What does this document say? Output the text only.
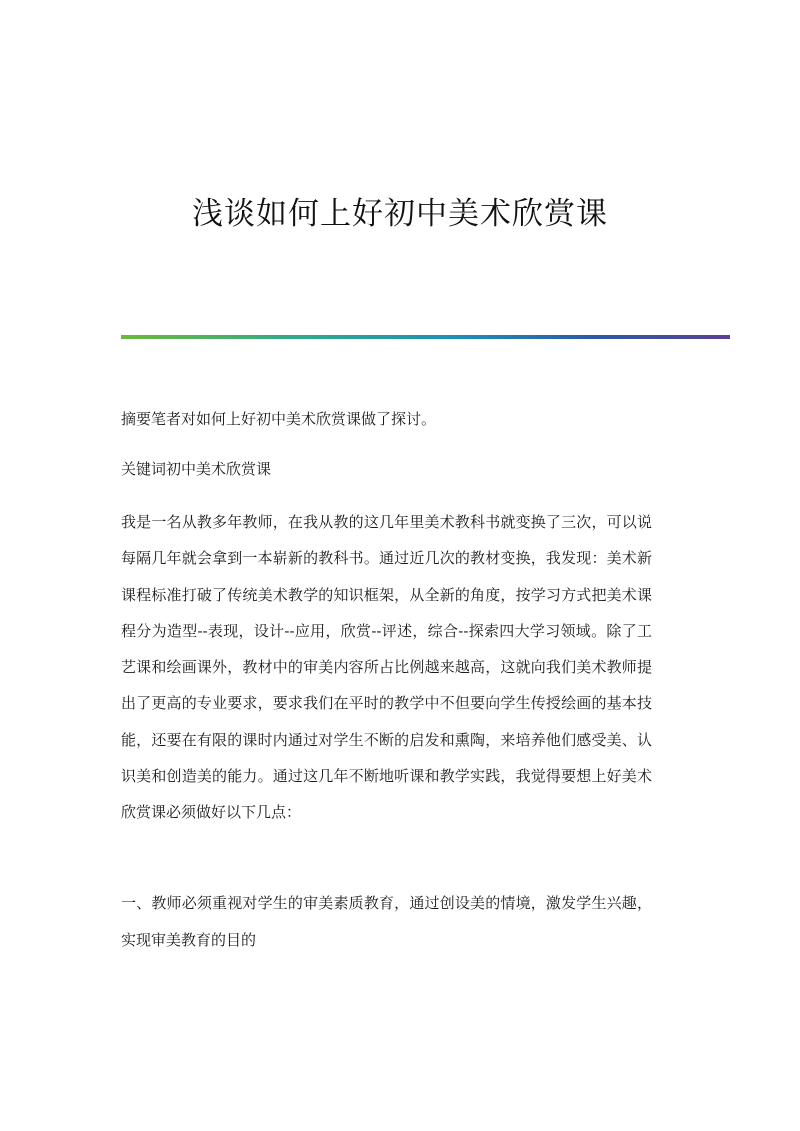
浅谈如何上好初中美术欣赏课

摘要笔者对如何上好初中美术欣赏课做了探讨。

关键词初中美术欣赏课

我是一名从教多年教师，在我从教的这几年里美术教科书就变换了三次，可以说每隔几年就会拿到一本崭新的教科书。通过近几次的教材变换，我发现：美术新课程标准打破了传统美术教学的知识框架，从全新的角度，按学习方式把美术课程分为造型--表现，设计--应用，欣赏--评述，综合--探索四大学习领域。除了工艺课和绘画课外，教材中的审美内容所占比例越来越高，这就向我们美术教师提出了更高的专业要求，要求我们在平时的教学中不但要向学生传授绘画的基本技能，还要在有限的课时内通过对学生不断的启发和熏陶，来培养他们感受美、认识美和创造美的能力。通过这几年不断地听课和教学实践，我觉得要想上好美术欣赏课必须做好以下几点：

一、教师必须重视对学生的审美素质教育，通过创设美的情境，激发学生兴趣，实现审美教育的目的
